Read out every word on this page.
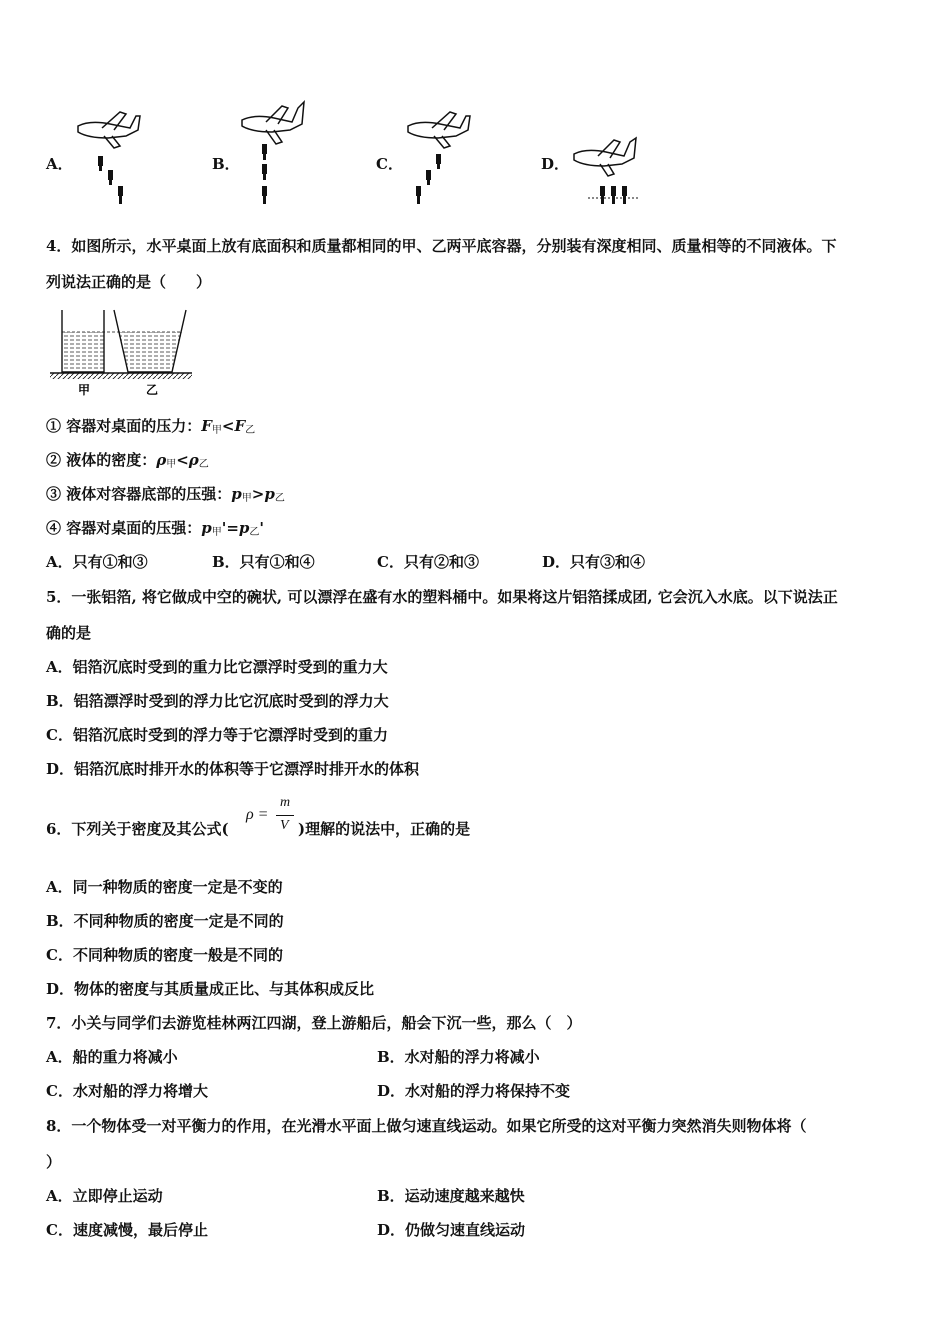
A．	B．	C．	D．
4．如图所示，水平桌面上放有底面积和质量都相同的甲、乙两平底容器，分别装有深度相同、质量相等的不同液体。下
列说法正确的是（　　）
甲	乙
① 容器对桌面的压力：$F_甲<F_乙$
② 液体的密度：$\rho_甲<\rho_乙$
③ 液体对容器底部的压强：$p_甲>p_乙$
④ 容器对桌面的压强：$p_甲'=p_乙'$
A．只有①和③	B．只有①和④	C．只有②和③	D．只有③和④
5．一张铝箔, 将它做成中空的碗状, 可以漂浮在盛有水的塑料桶中。如果将这片铝箔揉成团, 它会沉入水底。以下说法正
确的是
A．铝箔沉底时受到的重力比它漂浮时受到的重力大
B．铝箔漂浮时受到的浮力比它沉底时受到的浮力大
C．铝箔沉底时受到的浮力等于它漂浮时受到的重力
D．铝箔沉底时排开水的体积等于它漂浮时排开水的体积
6．下列关于密度及其公式(
ρ =
m
V )理解的说法中，正确的是
A．同一种物质的密度一定是不变的
B．不同种物质的密度一定是不同的
C．不同种物质的密度一般是不同的
D．物体的密度与其质量成正比、与其体积成反比
7．小关与同学们去游览桂林两江四湖，登上游船后，船会下沉一些，那么（　）
A．船的重力将减小	B．水对船的浮力将减小
C．水对船的浮力将增大	D．水对船的浮力将保持不变
8．一个物体受一对平衡力的作用，在光滑水平面上做匀速直线运动。如果它所受的这对平衡力突然消失则物体将（
）
A．立即停止运动	B．运动速度越来越快
C．速度减慢，最后停止	D．仍做匀速直线运动
